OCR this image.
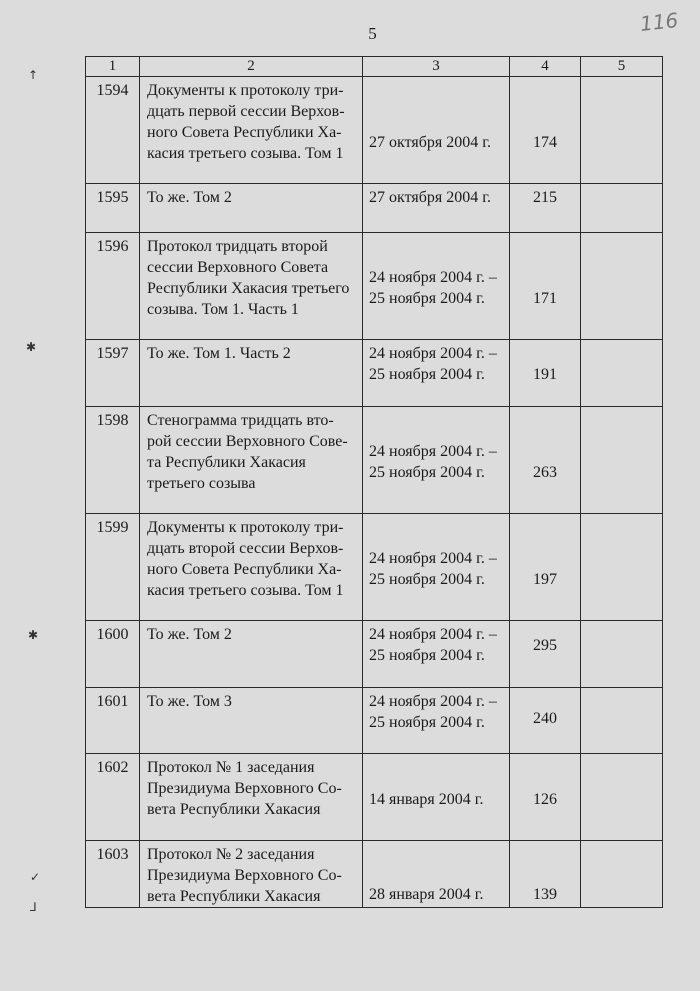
5	116
↑
✱
✱
✓
⅃
1	2	3	4	5
1594	Документы к протоколу три-
дцать первой сессии Верхов-
ного Совета Республики Ха-
касия третьего созыва. Том 1	27 октября 2004 г.	174	
1595	То же. Том 2	27 октября 2004 г.	215	
1596	Протокол тридцать второй
сессии Верховного Совета
Республики Хакасия третьего
созыва. Том 1. Часть 1	24 ноября 2004 г. –
25 ноября 2004 г.	171	
1597	То же. Том 1. Часть 2	24 ноября 2004 г. –
25 ноября 2004 г.	191	
1598	Стенограмма тридцать вто-
рой сессии Верховного Сове-
та Республики Хакасия
третьего созыва	24 ноября 2004 г. –
25 ноября 2004 г.	263	
1599	Документы к протоколу три-
дцать второй сессии Верхов-
ного Совета Республики Ха-
касия третьего созыва. Том 1	24 ноября 2004 г. –
25 ноября 2004 г.	197	
1600	То же. Том 2	24 ноября 2004 г. –
25 ноября 2004 г.	295	
1601	То же. Том 3	24 ноября 2004 г. –
25 ноября 2004 г.	240	
1602	Протокол № 1 заседания
Президиума Верховного Со-
вета Республики Хакасия	14 января 2004 г.	126	
1603	Протокол № 2 заседания
Президиума Верховного Со-
вета Республики Хакасия	28 января 2004 г.	139	
